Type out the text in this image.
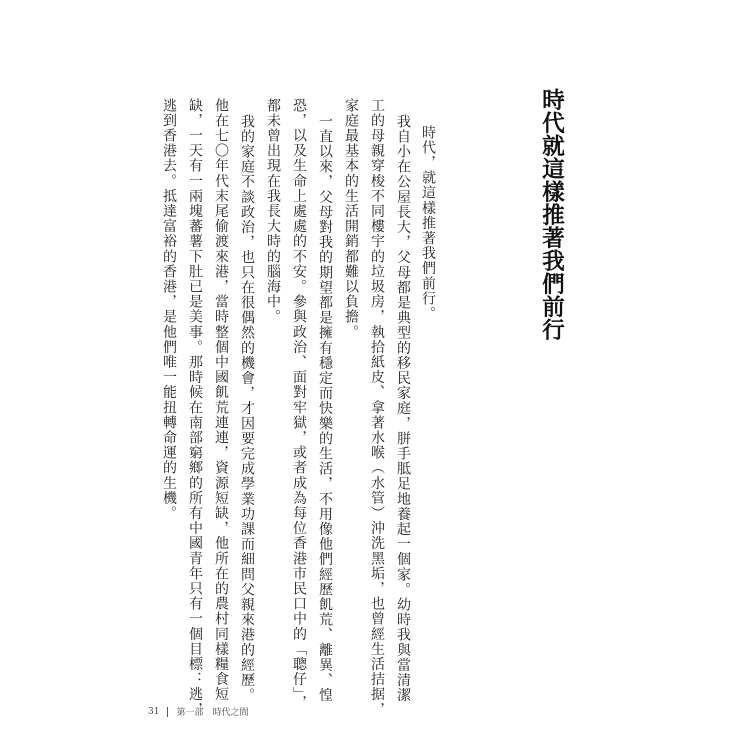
時代就這樣推著我們前行
時代，就這樣推著我們前行。
我自小在公屋長大，父母都是典型的移民家庭，胼手胝足地養起一個家。幼時我與當清潔
工的母親穿梭不同樓宇的垃圾房，執拾紙皮、拿著水喉（水管）沖洗黑垢，也曾經生活拮据，
家庭最基本的生活開銷都難以負擔。
一直以來，父母對我的期望都是擁有穩定而快樂的生活，不用像他們經歷飢荒、離異、惶
恐，以及生命上處處的不安。參與政治、面對牢獄，或者成為每位香港市民口中的「聰仔」，
都未曾出現在我長大時的腦海中。
我的家庭不談政治，也只在很偶然的機會，才因要完成學業功課而細問父親來港的經歷。
他在七〇年代末尾偷渡來港，當時整個中國飢荒連連，資源短缺，他所在的農村同樣糧食短
缺，一天有一兩塊蕃薯下肚已是美事。那時候在南部窮鄉的所有中國青年只有一個目標：逃，
逃到香港去。抵達富裕的香港，是他們唯一能扭轉命運的生機。
31 第一部　時代之間
